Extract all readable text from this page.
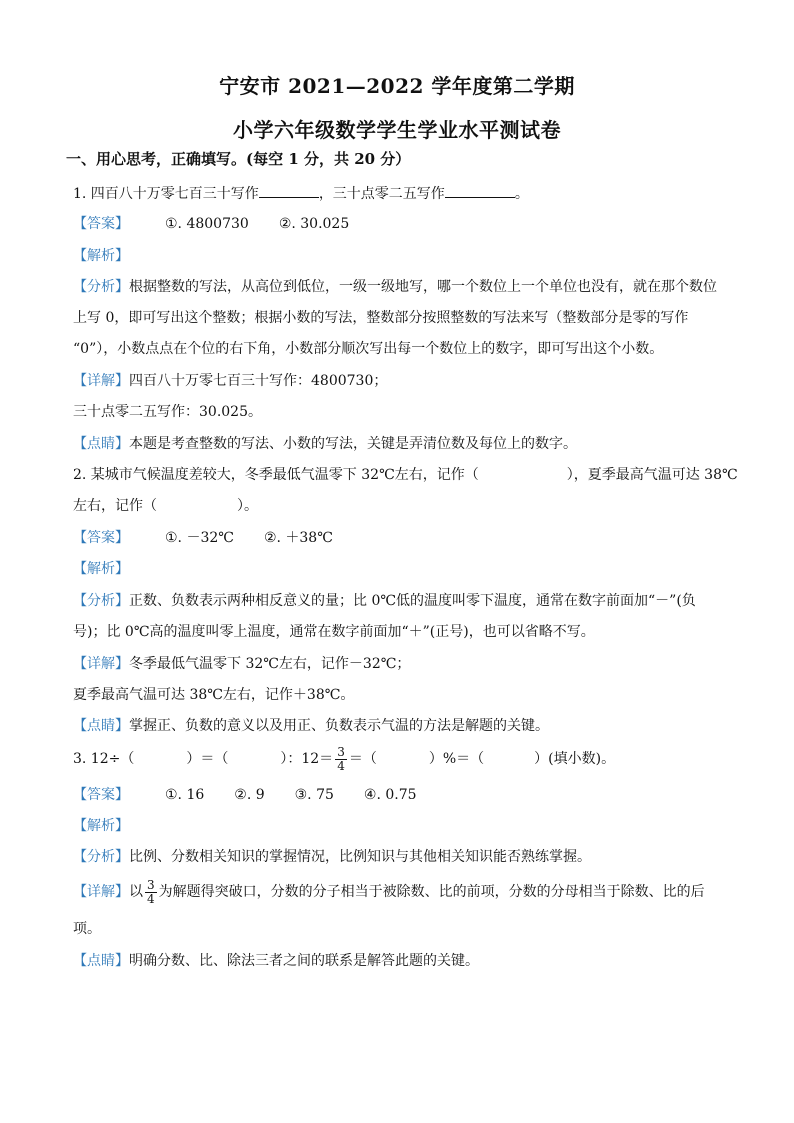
宁安市 2021—2022 学年度第二学期
小学六年级数学学生学业水平测试卷
一、用心思考，正确填写。(每空 1 分，共 20 分）
1. 四百八十万零七百三十写作	，三十点零二五写作	。
【答案】	①. 4800730 ②. 30.025
【解析】
【分析】根据整数的写法，从高位到低位，一级一级地写，哪一个数位上一个单位也没有，就在那个数位
上写 0，即可写出这个整数；根据小数的写法，整数部分按照整数的写法来写（整数部分是零的写作
“0”），小数点点在个位的右下角，小数部分顺次写出每一个数位上的数字，即可写出这个小数。
【详解】四百八十万零七百三十写作：4800730；
三十点零二五写作：30.025。
【点睛】本题是考查整数的写法、小数的写法，关键是弄清位数及每位上的数字。
2. 某城市气候温度差较大，冬季最低气温零下 32℃左右，记作（	），夏季最高气温可达 38℃
左右，记作（	）。
【答案】	①. －32℃ ②. ＋38℃
【解析】
【分析】正数、负数表示两种相反意义的量；比 0℃低的温度叫零下温度，通常在数字前面加“－”(负
号)；比 0℃高的温度叫零上温度，通常在数字前面加“＋”(正号)，也可以省略不写。
【详解】冬季最低气温零下 32℃左右，记作－32℃；
夏季最高气温可达 38℃左右，记作＋38℃。
【点睛】掌握正、负数的意义以及用正、负数表示气温的方法是解题的关键。
3. 12÷（	）＝（	）：$12= \frac{3}{4}$ ＝（	）%＝（	）(填小数)。
【答案】	①. 16 ②. 9 ③. 75 ④. 0.75
【解析】
【分析】比例、分数相关知识的掌握情况，比例知识与其他相关知识能否熟练掌握。
【详解】以 $\frac{3}{4}$ 为解题得突破口，分数的分子相当于被除数、比的前项，分数的分母相当于除数、比的后
项。
【点睛】明确分数、比、除法三者之间的联系是解答此题的关键。
